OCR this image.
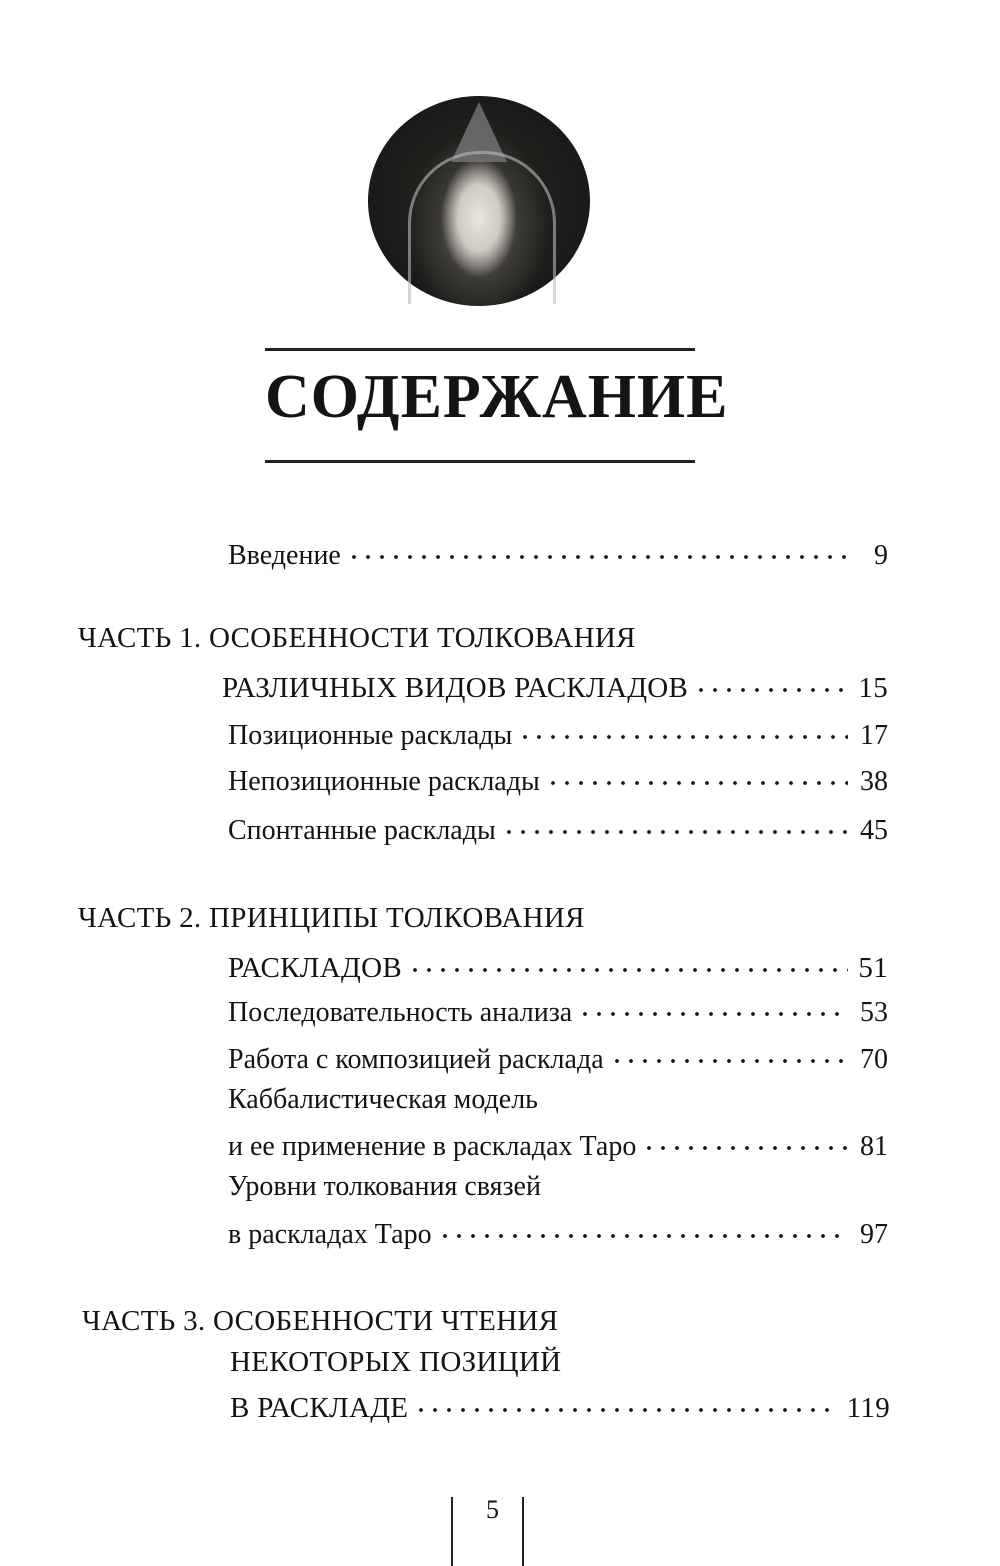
СОДЕРЖАНИЕ
Введение	9
ЧАСТЬ 1.
ОСОБЕННОСТИ ТОЛКОВАНИЯ
РАЗЛИЧНЫХ ВИДОВ РАСКЛАДОВ	15
Позиционные расклады	17
Непозиционные расклады	38
Спонтанные расклады	45
ЧАСТЬ 2.
ПРИНЦИПЫ ТОЛКОВАНИЯ
РАСКЛАДОВ	51
Последовательность анализа	53
Работа с композицией расклада	70
Каббалистическая модель
и ее применение в раскладах Таро	81
Уровни толкования связей
в раскладах Таро	97
ЧАСТЬ 3.
ОСОБЕННОСТИ ЧТЕНИЯ
НЕКОТОРЫХ ПОЗИЦИЙ
В РАСКЛАДЕ	119
5
